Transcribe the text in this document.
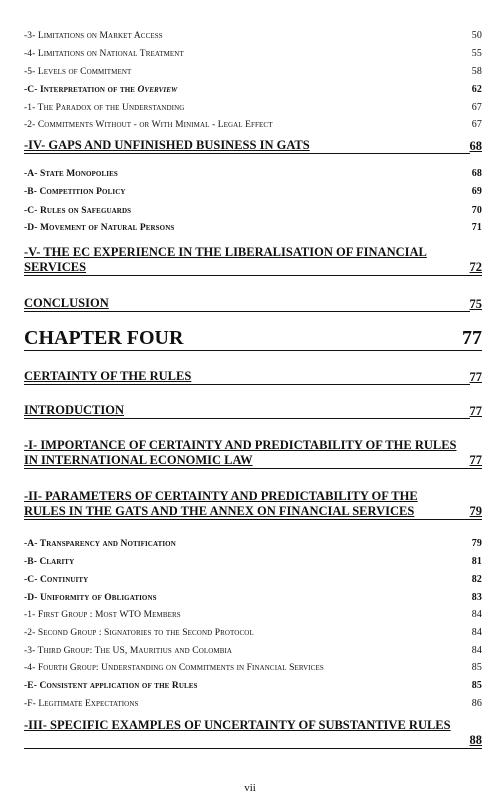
-3- Limitations on Market Access	50
-4- Limitations on National Treatment	55
-5- Levels of Commitment	58
-C- Interpretation of the Overview	62
-1- The Paradox of the Understanding	67
-2- Commitments Without - or With Minimal - Legal Effect	67
-IV- GAPS AND UNFINISHED BUSINESS IN GATS	68
-A- State Monopolies	68
-B- Competition Policy	69
-C- Rules on Safeguards	70
-D- Movement of Natural Persons	71
-V- THE EC EXPERIENCE IN THE LIBERALISATION OF FINANCIAL
SERVICES	72
CONCLUSION	75
CHAPTER FOUR	77
CERTAINTY OF THE RULES	77
INTRODUCTION	77
-I- IMPORTANCE OF CERTAINTY AND PREDICTABILITY OF THE RULES
IN INTERNATIONAL ECONOMIC LAW	77
-II- PARAMETERS OF CERTAINTY AND PREDICTABILITY OF THE
RULES IN THE GATS AND THE ANNEX ON FINANCIAL SERVICES	79
-A- Transparency and Notification	79
-B- Clarity	81
-C- Continuity	82
-D- Uniformity of Obligations	83
-1- First Group : Most WTO Members	84
-2- Second Group : Signatories to the Second Protocol	84
-3- Third Group: The US, Mauritius and Colombia	84
-4- Fourth Group: Understanding on Commitments in Financial Services	85
-E- Consistent application of the Rules	85
-F- Legitimate Expectations	86
-III- SPECIFIC EXAMPLES OF UNCERTAINTY OF SUBSTANTIVE RULES
88
vii
